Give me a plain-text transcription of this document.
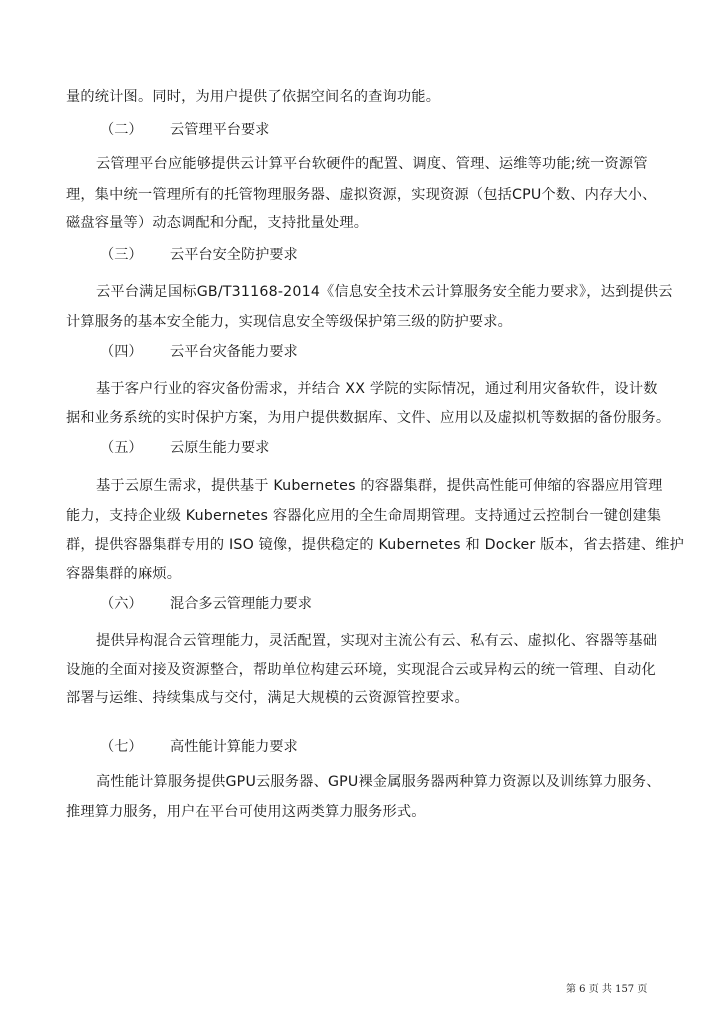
量的统计图。同时，为用户提供了依据空间名的查询功能。
（二） 云管理平台要求
云管理平台应能够提供云计算平台软硬件的配置、调度、管理、运维等功能;统一资源管
理，集中统一管理所有的托管物理服务器、虚拟资源，实现资源（包括CPU个数、内存大小、
磁盘容量等）动态调配和分配，支持批量处理。
（三） 云平台安全防护要求
云平台满足国标GB/T31168-2014《信息安全技术云计算服务安全能力要求》，达到提供云
计算服务的基本安全能力，实现信息安全等级保护第三级的防护要求。
（四） 云平台灾备能力要求
基于客户行业的容灾备份需求，并结合 XX 学院的实际情况，通过利用灾备软件，设计数
据和业务系统的实时保护方案，为用户提供数据库、文件、应用以及虚拟机等数据的备份服务。
（五） 云原生能力要求
基于云原生需求，提供基于 Kubernetes 的容器集群，提供高性能可伸缩的容器应用管理
能力，支持企业级 Kubernetes 容器化应用的全生命周期管理。支持通过云控制台一键创建集
群，提供容器集群专用的 ISO 镜像，提供稳定的 Kubernetes 和 Docker 版本，省去搭建、维护
容器集群的麻烦。
（六） 混合多云管理能力要求
提供异构混合云管理能力，灵活配置，实现对主流公有云、私有云、虚拟化、容器等基础
设施的全面对接及资源整合，帮助单位构建云环境，实现混合云或异构云的统一管理、自动化
部署与运维、持续集成与交付，满足大规模的云资源管控要求。
（七） 高性能计算能力要求
高性能计算服务提供GPU云服务器、GPU裸金属服务器两种算力资源以及训练算力服务、
推理算力服务，用户在平台可使用这两类算力服务形式。
第 6 页 共 157 页
